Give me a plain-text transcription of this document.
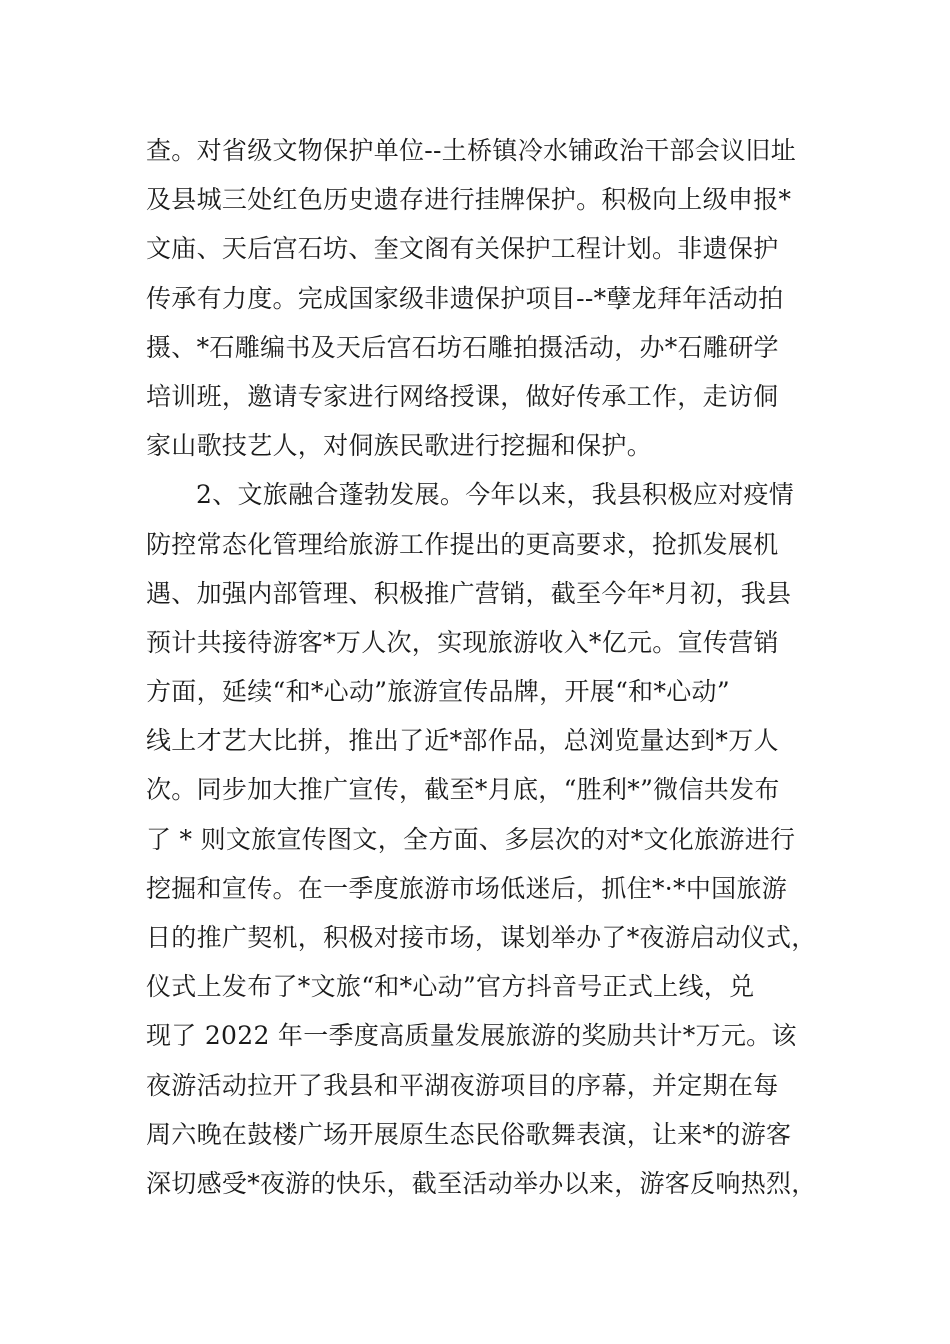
查。对省级文物保护单位--土桥镇冷水铺政治干部会议旧址
及县城三处红色历史遗存进行挂牌保护。积极向上级申报*
文庙、天后宫石坊、奎文阁有关保护工程计划。非遗保护
传承有力度。完成国家级非遗保护项目--*孽龙拜年活动拍
摄、*石雕编书及天后宫石坊石雕拍摄活动，办*石雕研学
培训班，邀请专家进行网络授课，做好传承工作，走访侗
家山歌技艺人，对侗族民歌进行挖掘和保护。
2、文旅融合蓬勃发展。今年以来，我县积极应对疫情
防控常态化管理给旅游工作提出的更高要求，抢抓发展机
遇、加强内部管理、积极推广营销，截至今年*月初，我县
预计共接待游客*万人次，实现旅游收入*亿元。宣传营销
方面，延续“和*心动”旅游宣传品牌，开展“和*心动”
线上才艺大比拼，推出了近*部作品，总浏览量达到*万人
次。同步加大推广宣传，截至*月底，“胜利*”微信共发布
了 * 则文旅宣传图文，全方面、多层次的对*文化旅游进行
挖掘和宣传。在一季度旅游市场低迷后，抓住*·*中国旅游
日的推广契机，积极对接市场，谋划举办了*夜游启动仪式，
仪式上发布了*文旅“和*心动”官方抖音号正式上线，兑
现了 2022 年一季度高质量发展旅游的奖励共计*万元。该
夜游活动拉开了我县和平湖夜游项目的序幕，并定期在每
周六晚在鼓楼广场开展原生态民俗歌舞表演，让来*的游客
深切感受*夜游的快乐，截至活动举办以来，游客反响热烈，
